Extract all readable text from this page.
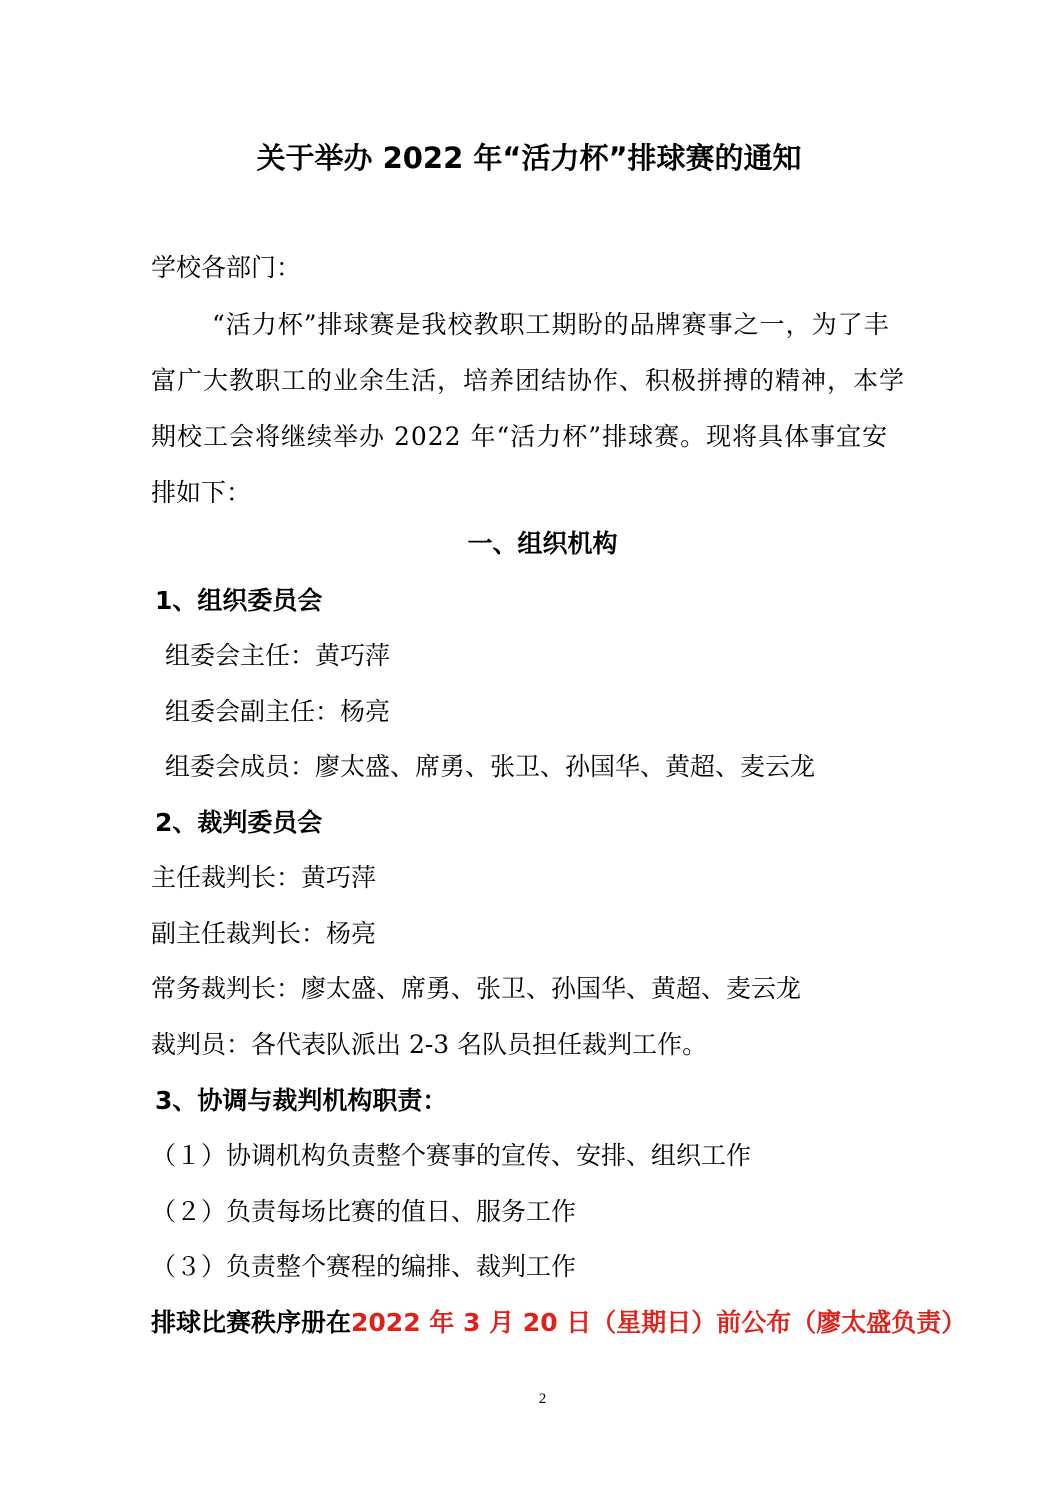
关于举办 2022 年“活力杯”排球赛的通知
学校各部门：
“活力杯”排球赛是我校教职工期盼的品牌赛事之一，为了丰
富广大教职工的业余生活，培养团结协作、积极拼搏的精神，本学
期校工会将继续举办 2022 年“活力杯”排球赛。现将具体事宜安
排如下：
一、组织机构
1、组织委员会
组委会主任：黄巧萍
组委会副主任：杨亮
组委会成员：廖太盛、席勇、张卫、孙国华、黄超、麦云龙
2、裁判委员会
主任裁判长：黄巧萍
副主任裁判长：杨亮
常务裁判长：廖太盛、席勇、张卫、孙国华、黄超、麦云龙
裁判员：各代表队派出 2-3 名队员担任裁判工作。
3、协调与裁判机构职责：
（１）协调机构负责整个赛事的宣传、安排、组织工作
（２）负责每场比赛的值日、服务工作
（３）负责整个赛程的编排、裁判工作
排球比赛秩序册在2022 年 3 月 20 日（星期日）前公布（廖太盛负责）
2
